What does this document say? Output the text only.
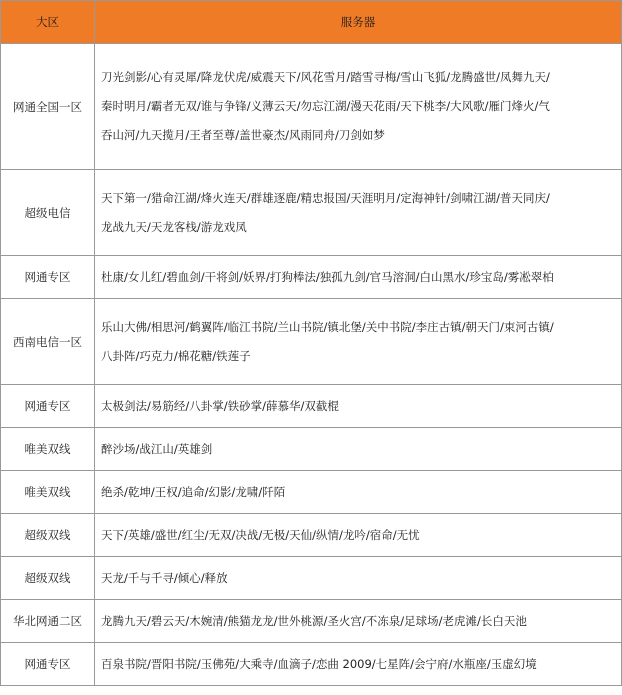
大区	服务器
网通全国一区	刀光剑影/心有灵犀/降龙伏虎/威震天下/风花雪月/踏雪寻梅/雪山飞狐/龙腾盛世/凤舞九天/
秦时明月/霸者无双/谁与争锋/义薄云天/勿忘江湖/漫天花雨/天下桃李/大风歌/雁门烽火/气
吞山河/九天揽月/王者至尊/盖世豪杰/风雨同舟/刀剑如梦

超级电信	天下第一/猎命江湖/烽火连天/群雄逐鹿/精忠报国/天涯明月/定海神针/剑啸江湖/普天同庆/
龙战九天/天龙客栈/游龙戏凤

网通专区	杜康/女儿红/碧血剑/干将剑/妖界/打狗棒法/独孤九剑/官马溶洞/白山黑水/珍宝岛/雾凇翠柏

西南电信一区	乐山大佛/相思河/鹤翼阵/临江书院/兰山书院/镇北堡/关中书院/李庄古镇/朝天门/束河古镇/
八卦阵/巧克力/棉花糖/铁莲子

网通专区	太极剑法/易筋经/八卦掌/铁砂掌/薛慕华/双截棍

唯美双线	醉沙场/战江山/英雄剑

唯美双线	绝杀/乾坤/王权/追命/幻影/龙啸/阡陌

超级双线	天下/英雄/盛世/红尘/无双/决战/无极/天仙/纵情/龙吟/宿命/无忧

超级双线	天龙/千与千寻/倾心/释放

华北网通二区	龙腾九天/碧云天/木婉清/熊猫龙龙/世外桃源/圣火宫/不冻泉/足球场/老虎滩/长白天池

网通专区	百泉书院/晋阳书院/玉佛苑/大乘寺/血滴子/恋曲 2009/七星阵/会宁府/水瓶座/玉虚幻境
